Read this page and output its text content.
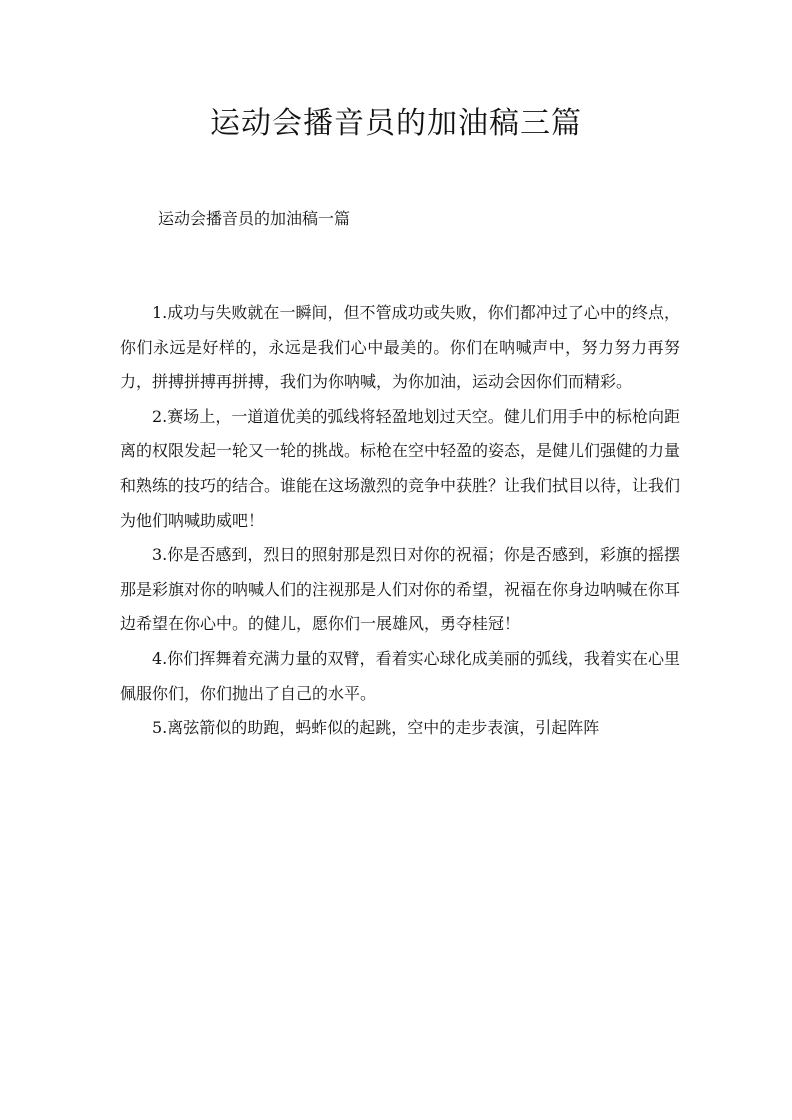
运动会播音员的加油稿三篇
运动会播音员的加油稿一篇

1.成功与失败就在一瞬间，但不管成功或失败，你们都冲过了心中的终点，你们永远是好样的，永远是我们心中最美的。你们在呐喊声中，努力努力再努力，拼搏拼搏再拼搏，我们为你呐喊，为你加油，运动会因你们而精彩。

2.赛场上，一道道优美的弧线将轻盈地划过天空。健儿们用手中的标枪向距离的权限发起一轮又一轮的挑战。标枪在空中轻盈的姿态，是健儿们强健的力量和熟练的技巧的结合。谁能在这场激烈的竞争中获胜？让我们拭目以待，让我们为他们呐喊助威吧！

3.你是否感到，烈日的照射那是烈日对你的祝福；你是否感到，彩旗的摇摆那是彩旗对你的呐喊人们的注视那是人们对你的希望，祝福在你身边呐喊在你耳边希望在你心中。的健儿，愿你们一展雄风，勇夺桂冠！

4.你们挥舞着充满力量的双臂，看着实心球化成美丽的弧线，我着实在心里佩服你们，你们抛出了自己的水平。

5.离弦箭似的助跑，蚂蚱似的起跳，空中的走步表演，引起阵阵
